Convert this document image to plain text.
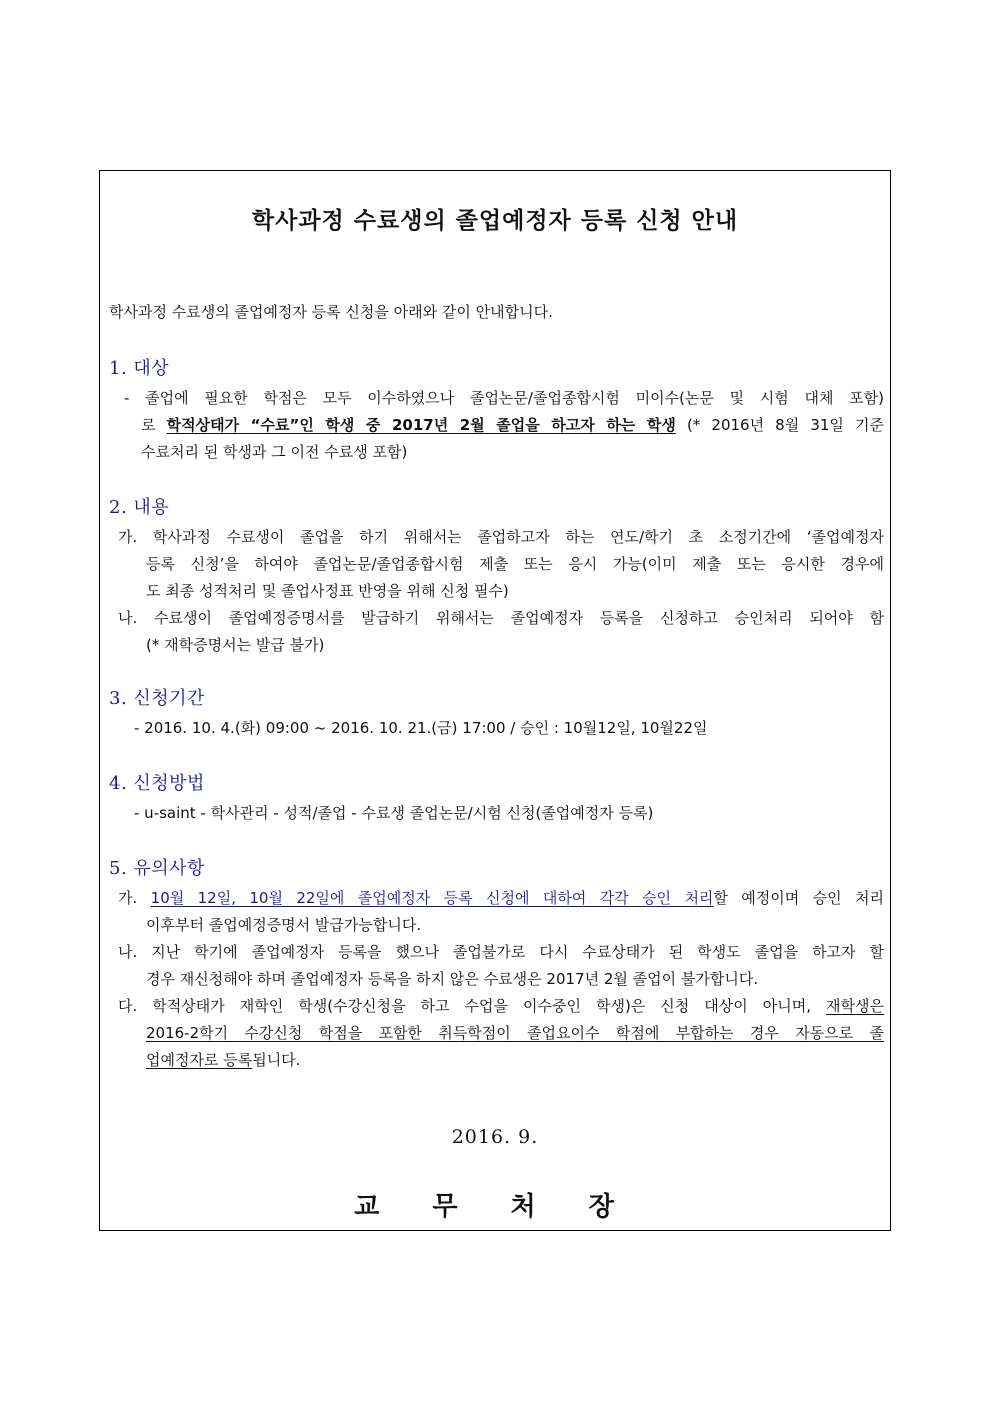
학사과정 수료생의 졸업예정자 등록 신청 안내
학사과정 수료생의 졸업예정자 등록 신청을 아래와 같이 안내합니다.
1. 대상
- 졸업에 필요한 학점은 모두 이수하였으나 졸업논문/졸업종합시험 미이수(논문 및 시험 대체 포함)
로 학적상태가 “수료”인 학생 중 2017년 2월 졸업을 하고자 하는 학생 (* 2016년 8월 31일 기준
수료처리 된 학생과 그 이전 수료생 포함)
2. 내용
가. 학사과정 수료생이 졸업을 하기 위해서는 졸업하고자 하는 연도/학기 초 소정기간에 ‘졸업예정자
등록 신청’을 하여야 졸업논문/졸업종합시험 제출 또는 응시 가능(이미 제출 또는 응시한 경우에
도 최종 성적처리 및 졸업사정표 반영을 위해 신청 필수)
나. 수료생이 졸업예정증명서를 발급하기 위해서는 졸업예정자 등록을 신청하고 승인처리 되어야 함
(* 재학증명서는 발급 불가)
3. 신청기간
- 2016. 10. 4.(화) 09:00 ~ 2016. 10. 21.(금) 17:00 / 승인 : 10월12일, 10월22일
4. 신청방법
- u-saint - 학사관리 - 성적/졸업 - 수료생 졸업논문/시험 신청(졸업예정자 등록)
5. 유의사항
가. 10월 12일, 10월 22일에 졸업예정자 등록 신청에 대하여 각각 승인 처리할 예정이며 승인 처리
이후부터 졸업예정증명서 발급가능합니다.
나. 지난 학기에 졸업예정자 등록을 했으나 졸업불가로 다시 수료상태가 된 학생도 졸업을 하고자 할
경우 재신청해야 하며 졸업예정자 등록을 하지 않은 수료생은 2017년 2월 졸업이 불가합니다.
다. 학적상태가 재학인 학생(수강신청을 하고 수업을 이수중인 학생)은 신청 대상이 아니며, 재학생은
2016-2학기 수강신청 학점을 포함한 취득학점이 졸업요이수 학점에 부합하는 경우 자동으로 졸
업예정자로 등록됩니다.
2016. 9.
교 무 처 장
